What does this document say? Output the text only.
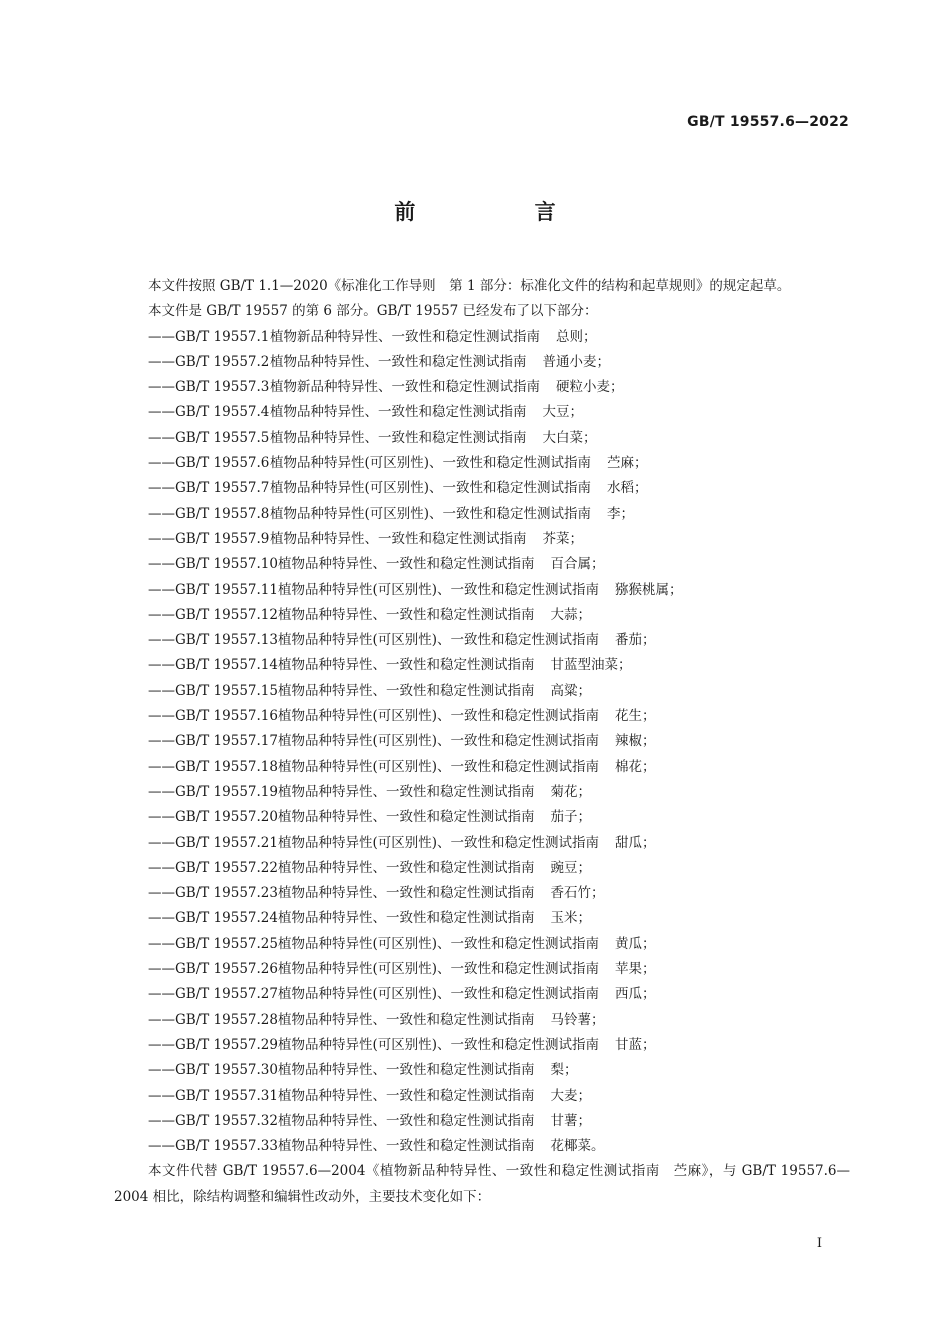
GB/T 19557.6—2022

前 言

本文件按照 GB/T 1.1—2020《标准化工作导则　第 1 部分：标准化文件的结构和起草规则》的规定起草。

本文件是 GB/T 19557 的第 6 部分。GB/T 19557 已经发布了以下部分：

——GB/T 19557.1植物新品种特异性、一致性和稳定性测试指南 总则；
——GB/T 19557.2植物品种特异性、一致性和稳定性测试指南 普通小麦；
——GB/T 19557.3植物新品种特异性、一致性和稳定性测试指南 硬粒小麦；
——GB/T 19557.4植物品种特异性、一致性和稳定性测试指南 大豆；
——GB/T 19557.5植物品种特异性、一致性和稳定性测试指南 大白菜；
——GB/T 19557.6植物品种特异性(可区别性)、一致性和稳定性测试指南 苎麻；
——GB/T 19557.7植物品种特异性(可区别性)、一致性和稳定性测试指南 水稻；
——GB/T 19557.8植物品种特异性(可区别性)、一致性和稳定性测试指南 李；
——GB/T 19557.9植物品种特异性、一致性和稳定性测试指南 芥菜；
——GB/T 19557.10植物品种特异性、一致性和稳定性测试指南 百合属；
——GB/T 19557.11植物品种特异性(可区别性)、一致性和稳定性测试指南 猕猴桃属；
——GB/T 19557.12植物品种特异性、一致性和稳定性测试指南 大蒜；
——GB/T 19557.13植物品种特异性(可区别性)、一致性和稳定性测试指南 番茄；
——GB/T 19557.14植物品种特异性、一致性和稳定性测试指南 甘蓝型油菜；
——GB/T 19557.15植物品种特异性、一致性和稳定性测试指南 高粱；
——GB/T 19557.16植物品种特异性(可区别性)、一致性和稳定性测试指南 花生；
——GB/T 19557.17植物品种特异性(可区别性)、一致性和稳定性测试指南 辣椒；
——GB/T 19557.18植物品种特异性(可区别性)、一致性和稳定性测试指南 棉花；
——GB/T 19557.19植物品种特异性、一致性和稳定性测试指南 菊花；
——GB/T 19557.20植物品种特异性、一致性和稳定性测试指南 茄子；
——GB/T 19557.21植物品种特异性(可区别性)、一致性和稳定性测试指南 甜瓜；
——GB/T 19557.22植物品种特异性、一致性和稳定性测试指南 豌豆；
——GB/T 19557.23植物品种特异性、一致性和稳定性测试指南 香石竹；
——GB/T 19557.24植物品种特异性、一致性和稳定性测试指南 玉米；
——GB/T 19557.25植物品种特异性(可区别性)、一致性和稳定性测试指南 黄瓜；
——GB/T 19557.26植物品种特异性(可区别性)、一致性和稳定性测试指南 苹果；
——GB/T 19557.27植物品种特异性(可区别性)、一致性和稳定性测试指南 西瓜；
——GB/T 19557.28植物品种特异性、一致性和稳定性测试指南 马铃薯；
——GB/T 19557.29植物品种特异性(可区别性)、一致性和稳定性测试指南 甘蓝；
——GB/T 19557.30植物品种特异性、一致性和稳定性测试指南 梨；
——GB/T 19557.31植物品种特异性、一致性和稳定性测试指南 大麦；
——GB/T 19557.32植物品种特异性、一致性和稳定性测试指南 甘薯；
——GB/T 19557.33植物品种特异性、一致性和稳定性测试指南 花椰菜。

本文件代替 GB/T 19557.6—2004《植物新品种特异性、一致性和稳定性测试指南　苎麻》，与 GB/T 19557.6—2004 相比，除结构调整和编辑性改动外，主要技术变化如下：

I
